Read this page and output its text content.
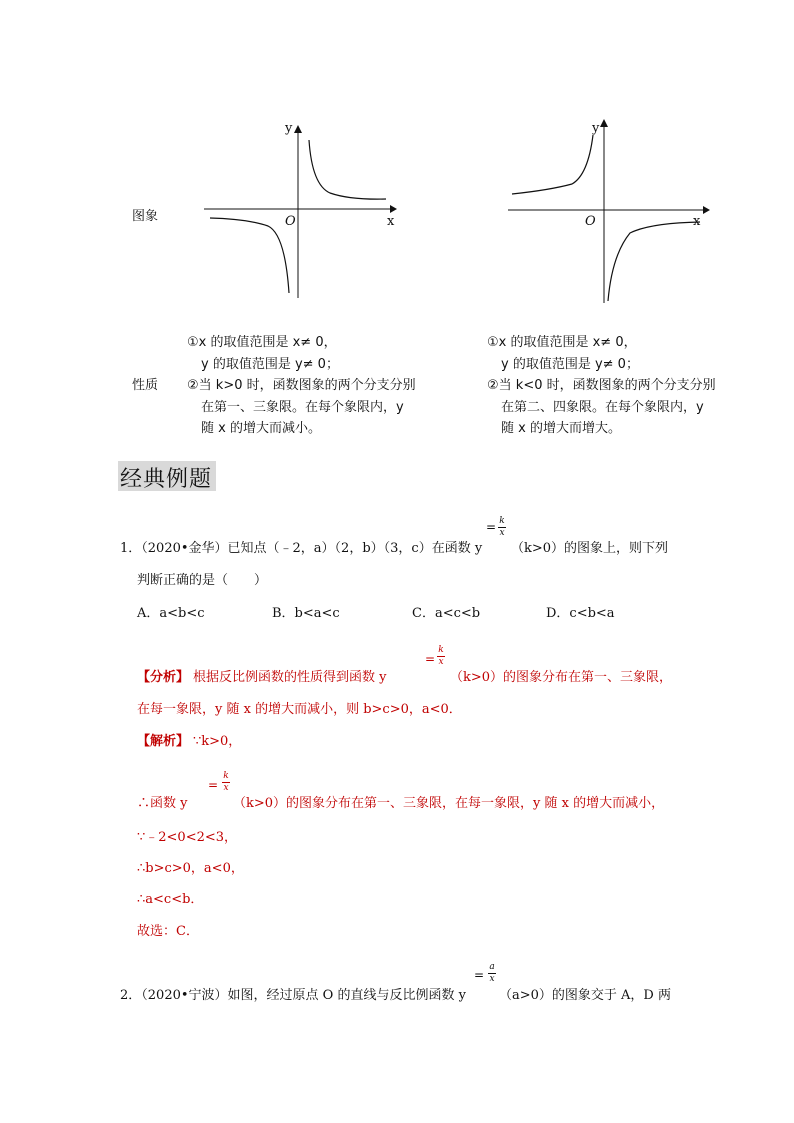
图象
性质
y
x
O
y
x
O
①x 的取值范围是 x≠ 0，
y 的取值范围是 y≠ 0；
②当 k>0 时，函数图象的两个分支分别
在第一、三象限。在每个象限内，y
随 x 的增大而减小。
①x 的取值范围是 x≠ 0，
y 的取值范围是 y≠ 0；
②当 k<0 时，函数图象的两个分支分别
在第二、四象限。在每个象限内，y
随 x 的增大而增大。
经典例题
1．（2020•金华）已知点（﹣2，a）（2，b）（3，c）在函数 y
= k
x
（k>0）的图象上，则下列
判断正确的是（　　）
A．a<b<c	B．b<a<c	C．a<c<b	D．c<b<a
【分析】 根据反比例函数的性质得到函数 y
=
k
x
（k>0）的图象分布在第一、三象限，
在每一象限，y 随 x 的增大而减小，则 b>c>0，a<0．
【解析】 ∵k>0，
∴函数 y
=
k
x
（k>0）的图象分布在第一、三象限，在每一象限，y 随 x 的增大而减小，
∵﹣2<0<2<3，
∴b>c>0，a<0，
∴a<c<b．
故选：C．
2．（2020•宁波）如图，经过原点 O 的直线与反比例函数 y
=
a
x
（a>0）的图象交于 A，D 两
